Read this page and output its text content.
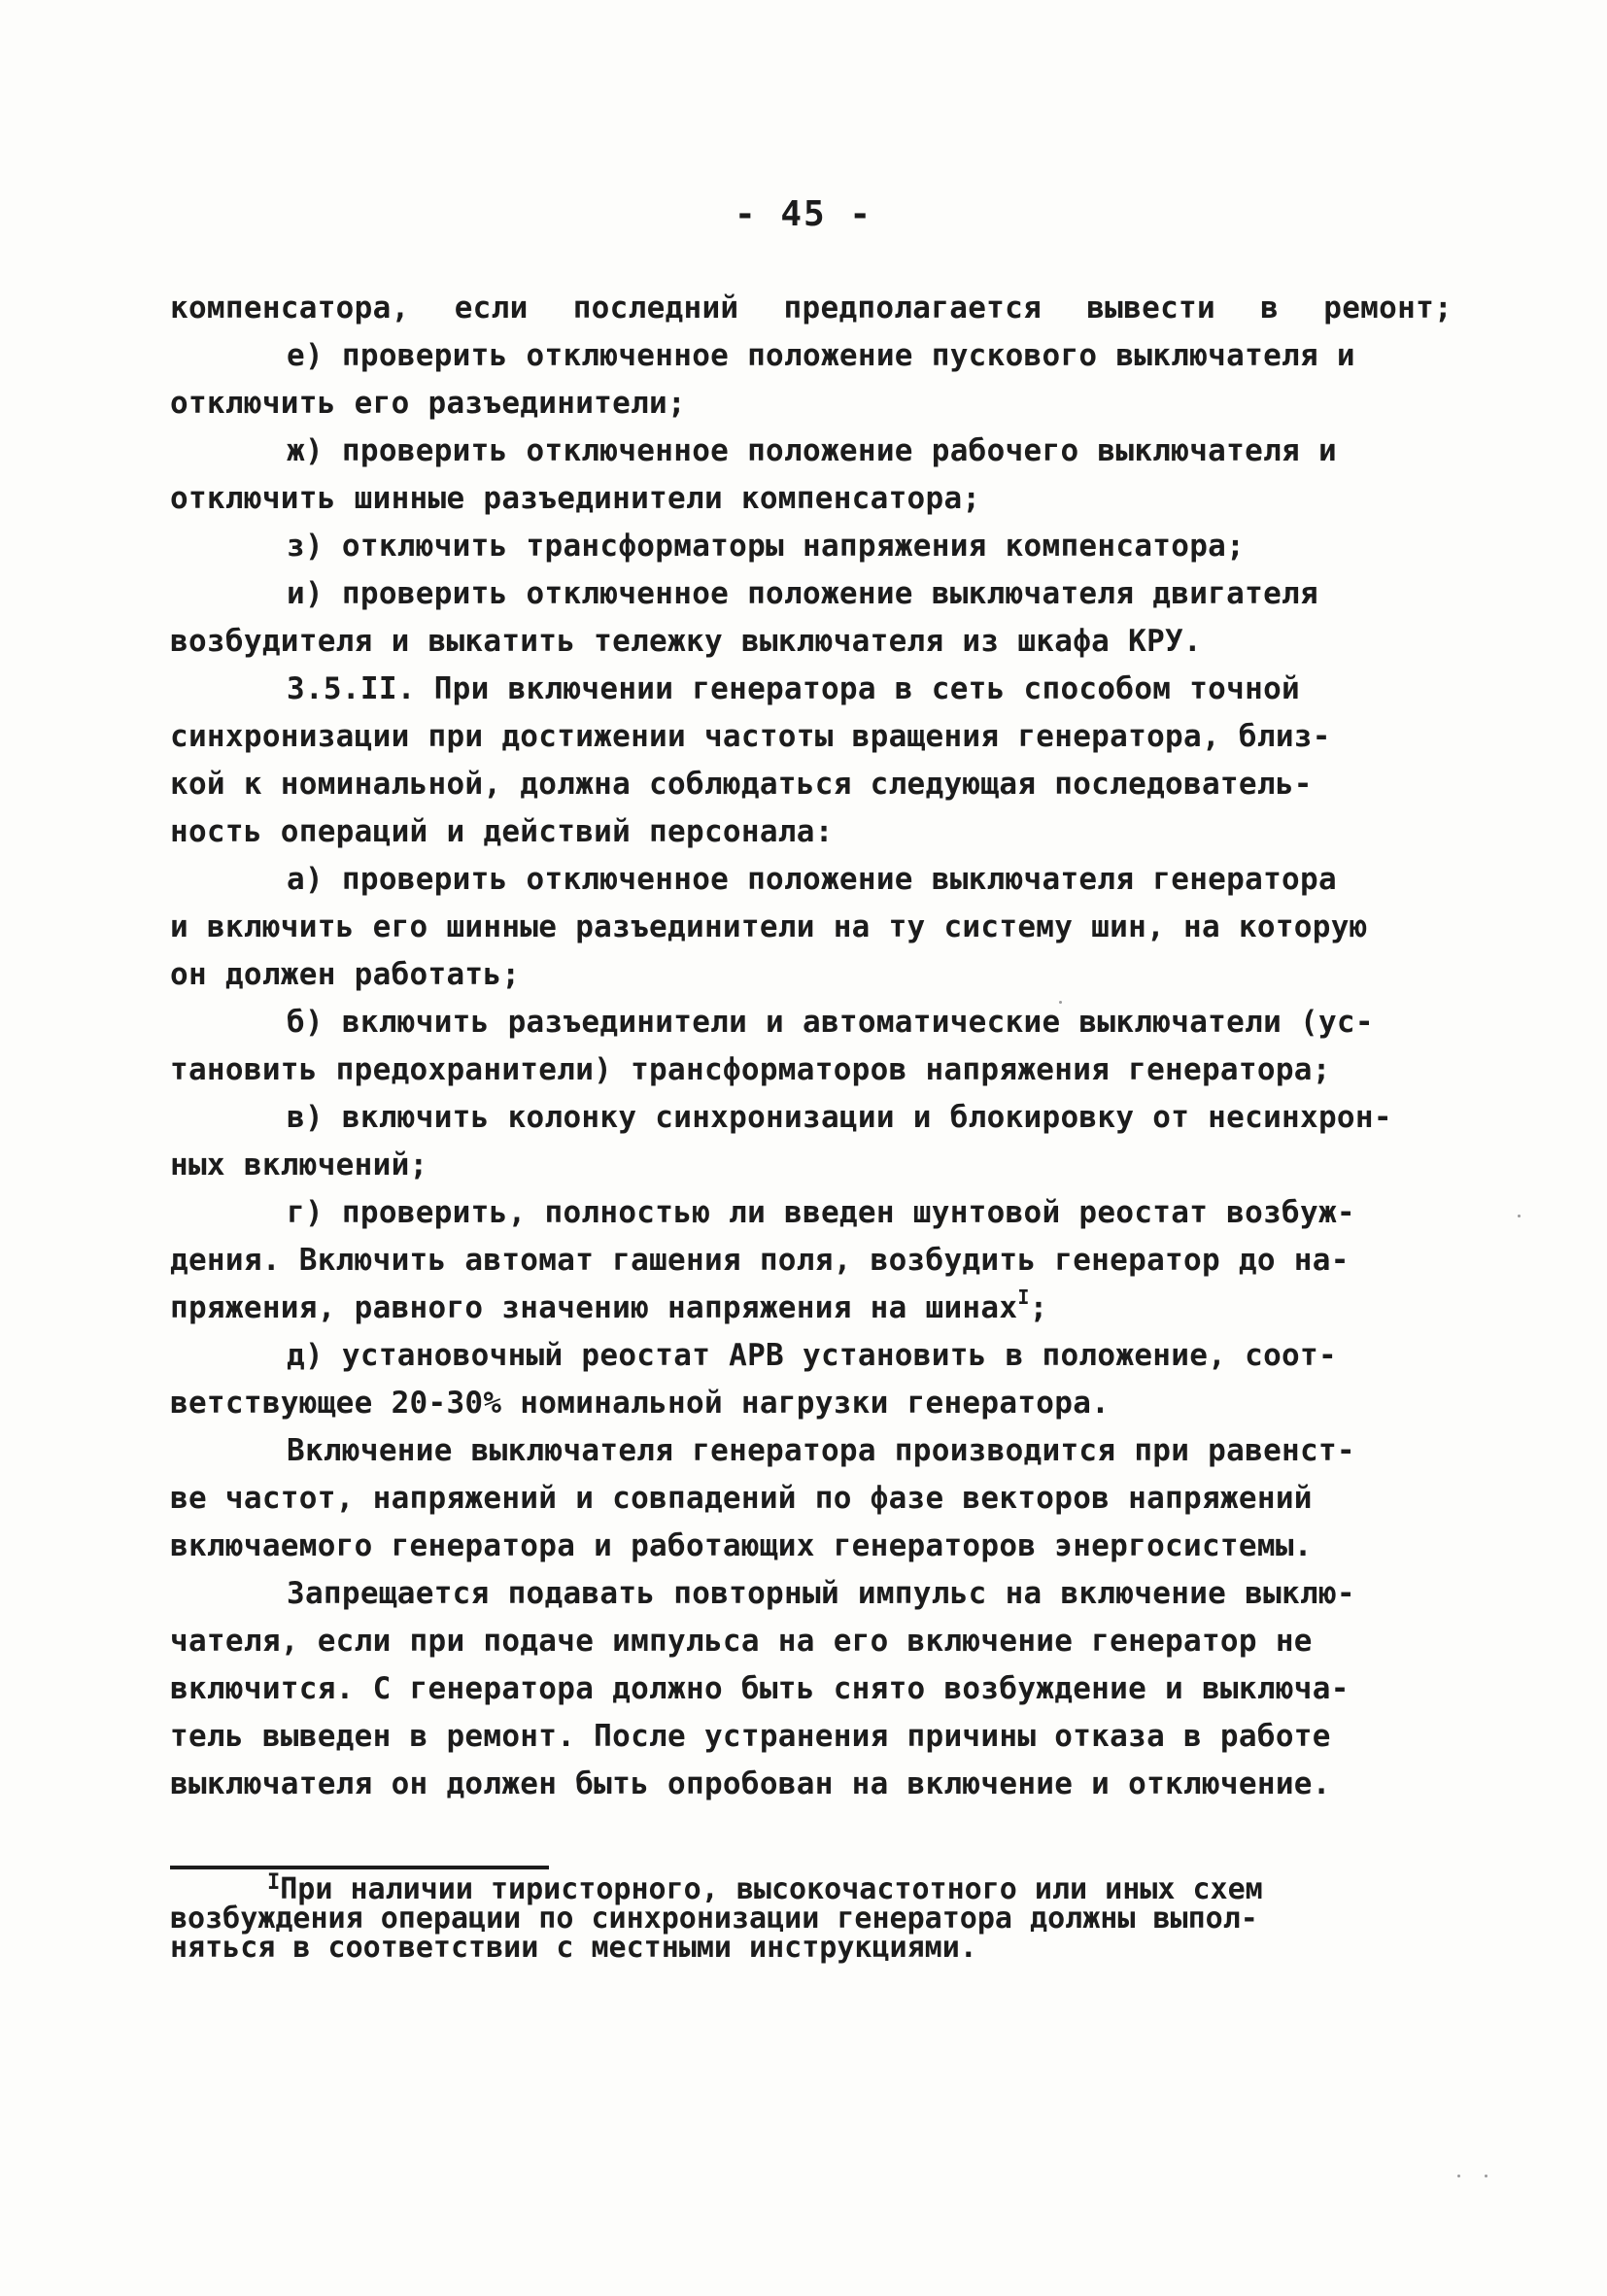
- 45 -
компенсатора, если последний предполагается вывести в ремонт;
е) проверить отключенное положение пускового выключателя и
отключить его разъединители;
ж) проверить отключенное положение рабочего выключателя и
отключить шинные разъединители компенсатора;
з) отключить трансформаторы напряжения компенсатора;
и) проверить отключенное положение выключателя двигателя
возбудителя и выкатить тележку выключателя из шкафа КРУ.
3.5.II. При включении генератора в сеть способом точной
синхронизации при достижении частоты вращения генератора, близ-
кой к номинальной, должна соблюдаться следующая последователь-
ность операций и действий персонала:
а) проверить отключенное положение выключателя генератора
и включить его шинные разъединители на ту систему шин, на которую
он должен работать;
б) включить разъединители и автоматические выключатели (ус-
тановить предохранители) трансформаторов напряжения генератора;
в) включить колонку синхронизации и блокировку от несинхрон-
ных включений;
г) проверить, полностью ли введен шунтовой реостат возбуж-
дения. Включить автомат гашения поля, возбудить генератор до на-
пряжения, равного значению напряжения на шинах$^I$;
д) установочный реостат АРВ установить в положение, соот-
ветствующее 20-30% номинальной нагрузки генератора.
Включение выключателя генератора производится при равенст-
ве частот, напряжений и совпадений по фазе векторов напряжений
включаемого генератора и работающих генераторов энергосистемы.
Запрещается подавать повторный импульс на включение выклю-
чателя, если при подаче импульса на его включение генератор не
включится. С генератора должно быть снято возбуждение и выключа-
тель выведен в ремонт. После устранения причины отказа в работе
выключателя он должен быть опробован на включение и отключение.
$^I$При наличии тиристорного, высокочастотного или иных схем
возбуждения операции по синхронизации генератора должны выпол-
няться в соответствии с местными инструкциями.
